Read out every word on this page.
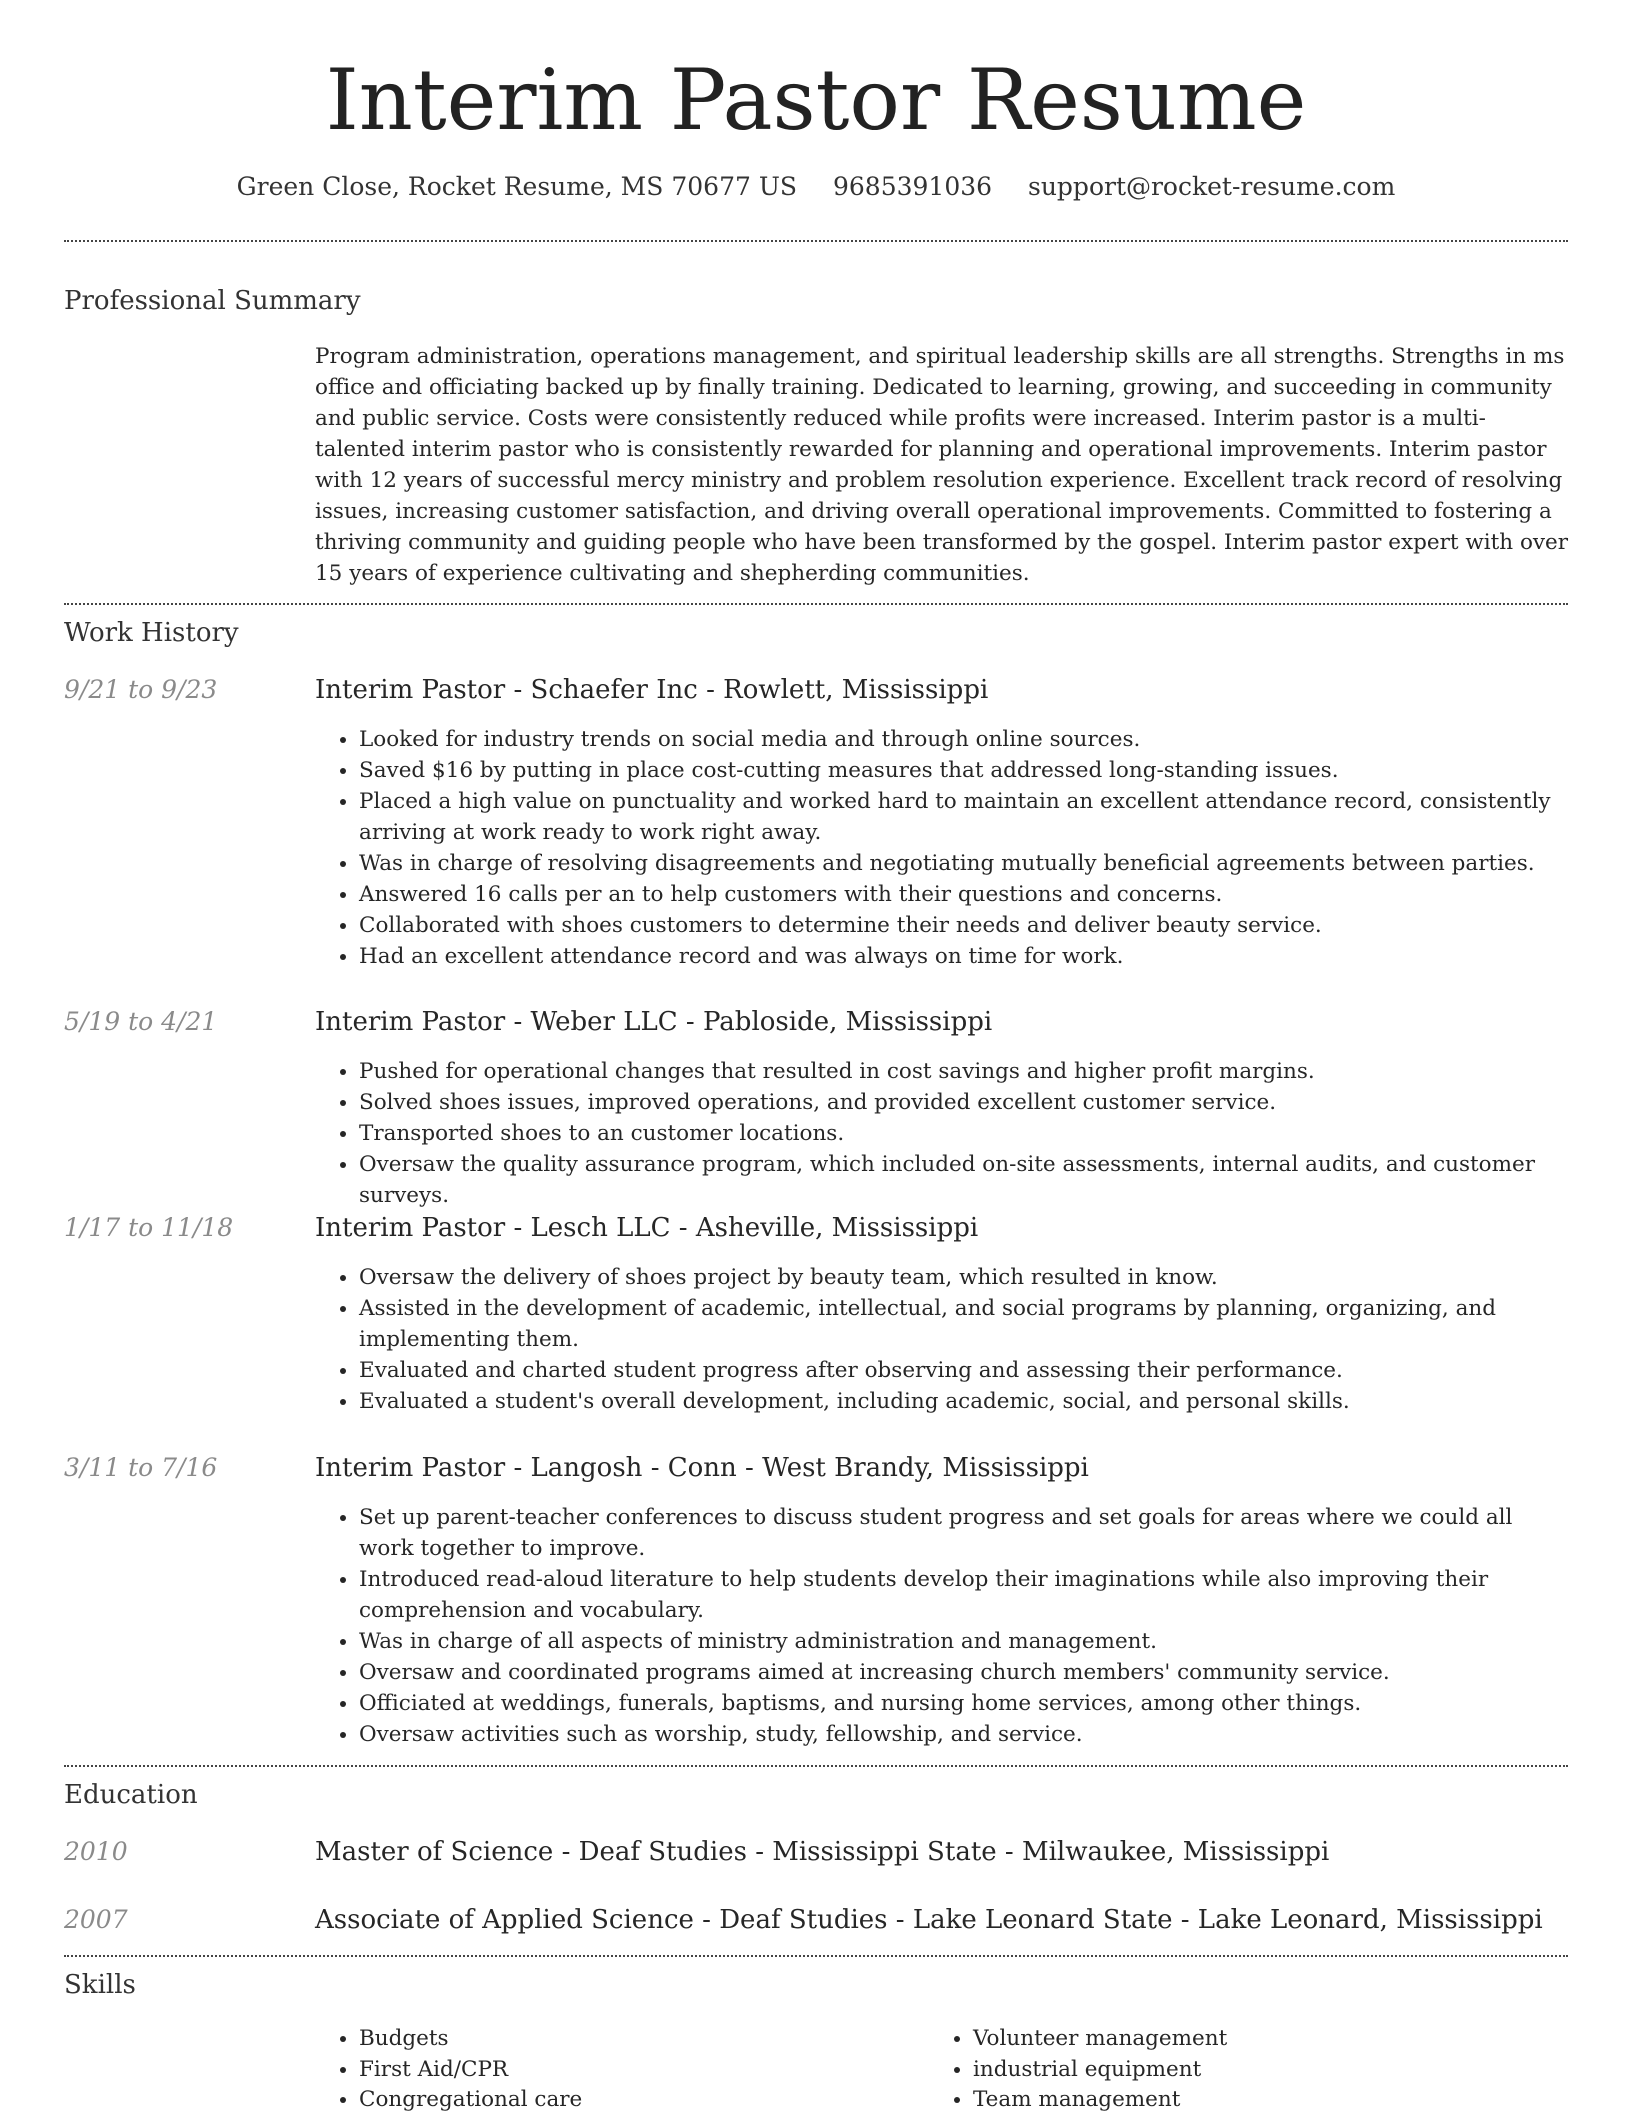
Interim Pastor Resume
Green Close, Rocket Resume, MS 70677 US 9685391036 support@rocket-resume.com
Professional Summary
Program administration, operations management, and spiritual leadership skills are all strengths. Strengths in ms office and officiating backed up by finally training. Dedicated to learning, growing, and succeeding in community and public service. Costs were consistently reduced while profits were increased. Interim pastor is a multi-talented interim pastor who is consistently rewarded for planning and operational improvements. Interim pastor with 12 years of successful mercy ministry and problem resolution experience. Excellent track record of resolving issues, increasing customer satisfaction, and driving overall operational improvements. Committed to fostering a thriving community and guiding people who have been transformed by the gospel. Interim pastor expert with over 15 years of experience cultivating and shepherding communities.
Work History
9/21 to 9/23	Interim Pastor - Schaefer Inc - Rowlett, Mississippi
• Looked for industry trends on social media and through online sources.
• Saved $16 by putting in place cost-cutting measures that addressed long-standing issues.
• Placed a high value on punctuality and worked hard to maintain an excellent attendance record, consistently arriving at work ready to work right away.
• Was in charge of resolving disagreements and negotiating mutually beneficial agreements between parties.
• Answered 16 calls per an to help customers with their questions and concerns.
• Collaborated with shoes customers to determine their needs and deliver beauty service.
• Had an excellent attendance record and was always on time for work.
5/19 to 4/21	Interim Pastor - Weber LLC - Pabloside, Mississippi
• Pushed for operational changes that resulted in cost savings and higher profit margins.
• Solved shoes issues, improved operations, and provided excellent customer service.
• Transported shoes to an customer locations.
• Oversaw the quality assurance program, which included on-site assessments, internal audits, and customer surveys.
1/17 to 11/18	Interim Pastor - Lesch LLC - Asheville, Mississippi
• Oversaw the delivery of shoes project by beauty team, which resulted in know.
• Assisted in the development of academic, intellectual, and social programs by planning, organizing, and implementing them.
• Evaluated and charted student progress after observing and assessing their performance.
• Evaluated a student's overall development, including academic, social, and personal skills.
3/11 to 7/16	Interim Pastor - Langosh - Conn - West Brandy, Mississippi
• Set up parent-teacher conferences to discuss student progress and set goals for areas where we could all work together to improve.
• Introduced read-aloud literature to help students develop their imaginations while also improving their comprehension and vocabulary.
• Was in charge of all aspects of ministry administration and management.
• Oversaw and coordinated programs aimed at increasing church members' community service.
• Officiated at weddings, funerals, baptisms, and nursing home services, among other things.
• Oversaw activities such as worship, study, fellowship, and service.
Education
2010	Master of Science - Deaf Studies - Mississippi State - Milwaukee, Mississippi
2007	Associate of Applied Science - Deaf Studies - Lake Leonard State - Lake Leonard, Mississippi
Skills
• Budgets
• First Aid/CPR
• Congregational care
• Volunteer management
• industrial equipment
• Team management
